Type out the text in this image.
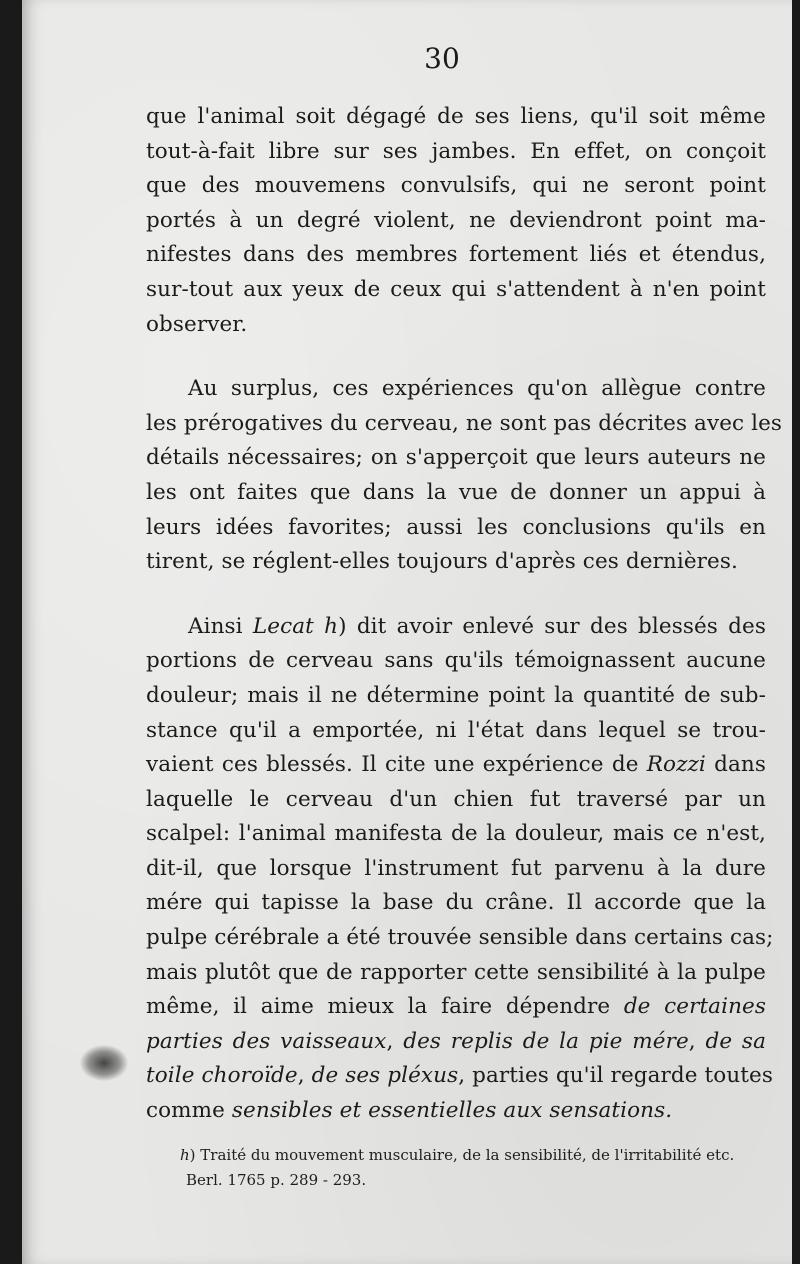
30

que l'animal soit dégagé de ses liens, qu'il soit même
tout-à-fait libre sur ses jambes. En effet, on conçoit
que des mouvemens convulsifs, qui ne seront point
portés à un degré violent, ne deviendront point ma-
nifestes dans des membres fortement liés et étendus,
sur-tout aux yeux de ceux qui s'attendent à n'en point
observer.

Au surplus, ces expériences qu'on allègue contre
les prérogatives du cerveau, ne sont pas décrites avec les
détails nécessaires; on s'apperçoit que leurs auteurs ne
les ont faites que dans la vue de donner un appui à
leurs idées favorites; aussi les conclusions qu'ils en
tirent, se réglent-elles toujours d'après ces dernières.

Ainsi Lecat h) dit avoir enlevé sur des blessés des
portions de cerveau sans qu'ils témoignassent aucune
douleur; mais il ne détermine point la quantité de sub-
stance qu'il a emportée, ni l'état dans lequel se trou-
vaient ces blessés. Il cite une expérience de Rozzi dans
laquelle le cerveau d'un chien fut traversé par un
scalpel: l'animal manifesta de la douleur, mais ce n'est,
dit-il, que lorsque l'instrument fut parvenu à la dure
mére qui tapisse la base du crâne. Il accorde que la
pulpe cérébrale a été trouvée sensible dans certains cas;
mais plutôt que de rapporter cette sensibilité à la pulpe
même, il aime mieux la faire dépendre de certaines
parties des vaisseaux, des replis de la pie mére, de sa
toile choroïde, de ses pléxus, parties qu'il regarde toutes
comme sensibles et essentielles aux sensations.

h) Traité du mouvement musculaire, de la sensibilité, de l'irritabilité etc.
Berl. 1765 p. 289 - 293.
